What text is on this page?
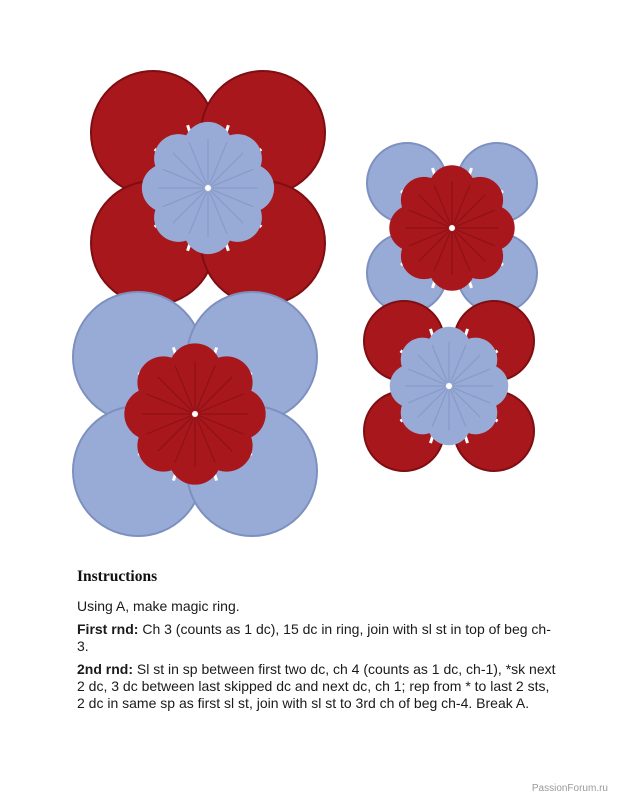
Instructions

Using A, make magic ring.

First rnd: Ch 3 (counts as 1 dc), 15 dc in ring, join with sl st in top of beg ch-3.

2nd rnd: Sl st in sp between first two dc, ch 4 (counts as 1 dc, ch-1), *sk next 2 dc, 3 dc between last skipped dc and next dc, ch 1; rep from * to last 2 sts, 2 dc in same sp as first sl st, join with sl st to 3rd ch of beg ch-4. Break A.

PassionForum.ru
